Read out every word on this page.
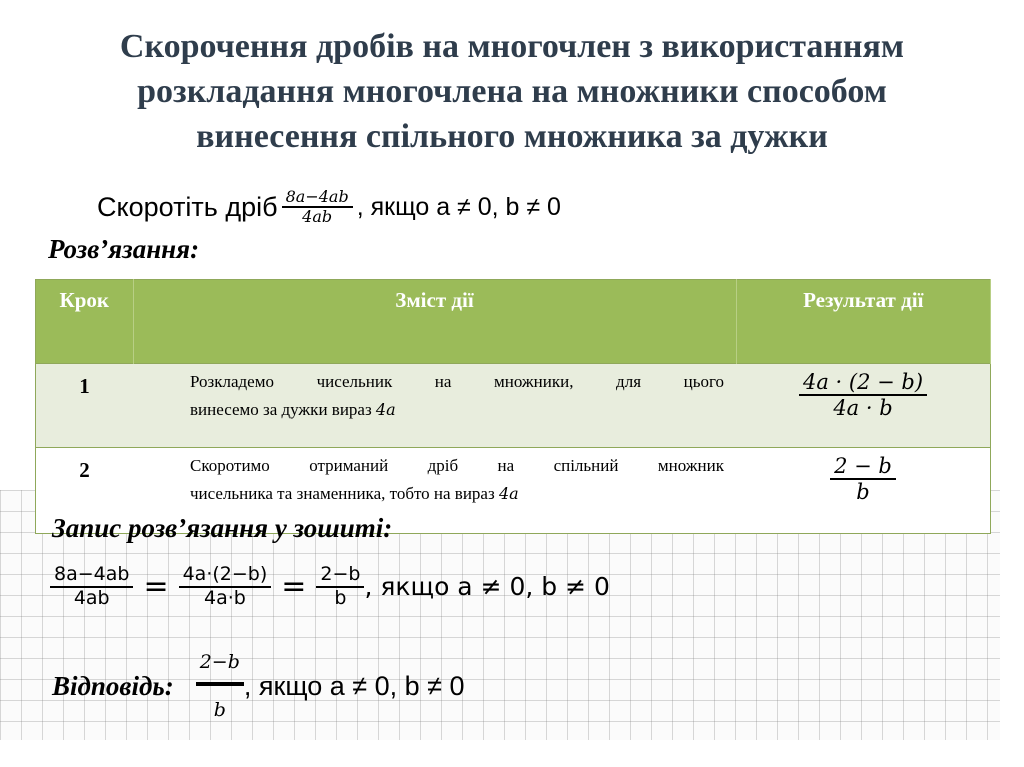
Скорочення дробів на многочлен з використанням
розкладання многочлена на множники способом
винесення спільного множника за дужки
Скоротіть дріб $\frac{8a-4ab}{4ab}$ , якщо a ≠ 0, b ≠ 0
Розв’язання:
Крок	Зміст дії	Результат дії
1	Розкладемо чисельник на множники, для цього
винесемо за дужки вираз 4a	$\frac{4a \cdot (2 - b)}{4a \cdot b}$

2	Скоротимо отриманий дріб на спільний множник
чисельника та знаменника, тобто на вираз 4a	$\frac{2 - b}{b}$
Запис розв’язання у зошиті:
$\frac{8a-4ab}{4ab} = \frac{4a\cdot(2-b)}{4a\cdot b} = \frac{2-b}{b}$ , якщо a ≠ 0, b ≠ 0
Відповідь: $\frac{2-b}{b}$ , якщо a ≠ 0, b ≠ 0
